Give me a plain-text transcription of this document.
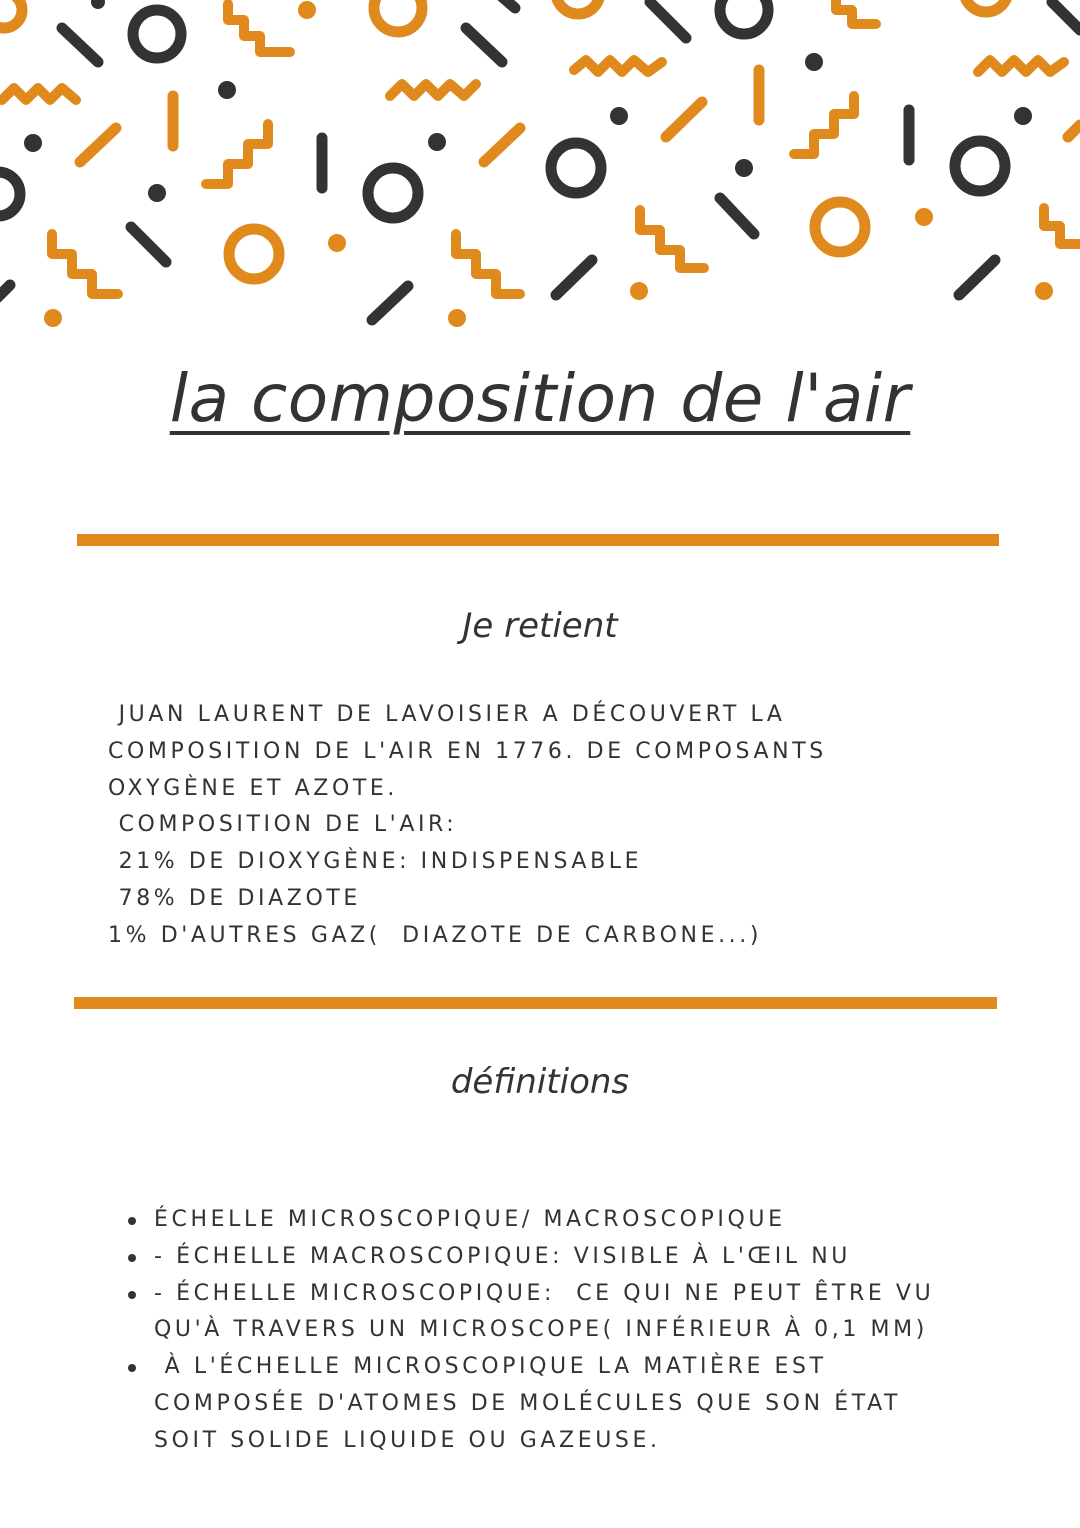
la composition de l'air
Je retient
JUAN LAURENT DE LAVOISIER A DÉCOUVERT LA
COMPOSITION DE L'AIR EN 1776. DE COMPOSANTS
OXYGÈNE ET AZOTE.
COMPOSITION DE L'AIR:
21% DE DIOXYGÈNE: INDISPENSABLE
78% DE DIAZOTE
1% D'AUTRES GAZ(  DIAZOTE DE CARBONE...)
définitions
ÉCHELLE MICROSCOPIQUE/ MACROSCOPIQUE
- ÉCHELLE MACROSCOPIQUE: VISIBLE À L'ŒIL NU
- ÉCHELLE MICROSCOPIQUE:  CE QUI NE PEUT ÊTRE VU
QU'À TRAVERS UN MICROSCOPE( INFÉRIEUR À 0,1 MM)
À L'ÉCHELLE MICROSCOPIQUE LA MATIÈRE EST
COMPOSÉE D'ATOMES DE MOLÉCULES QUE SON ÉTAT
SOIT SOLIDE LIQUIDE OU GAZEUSE.
